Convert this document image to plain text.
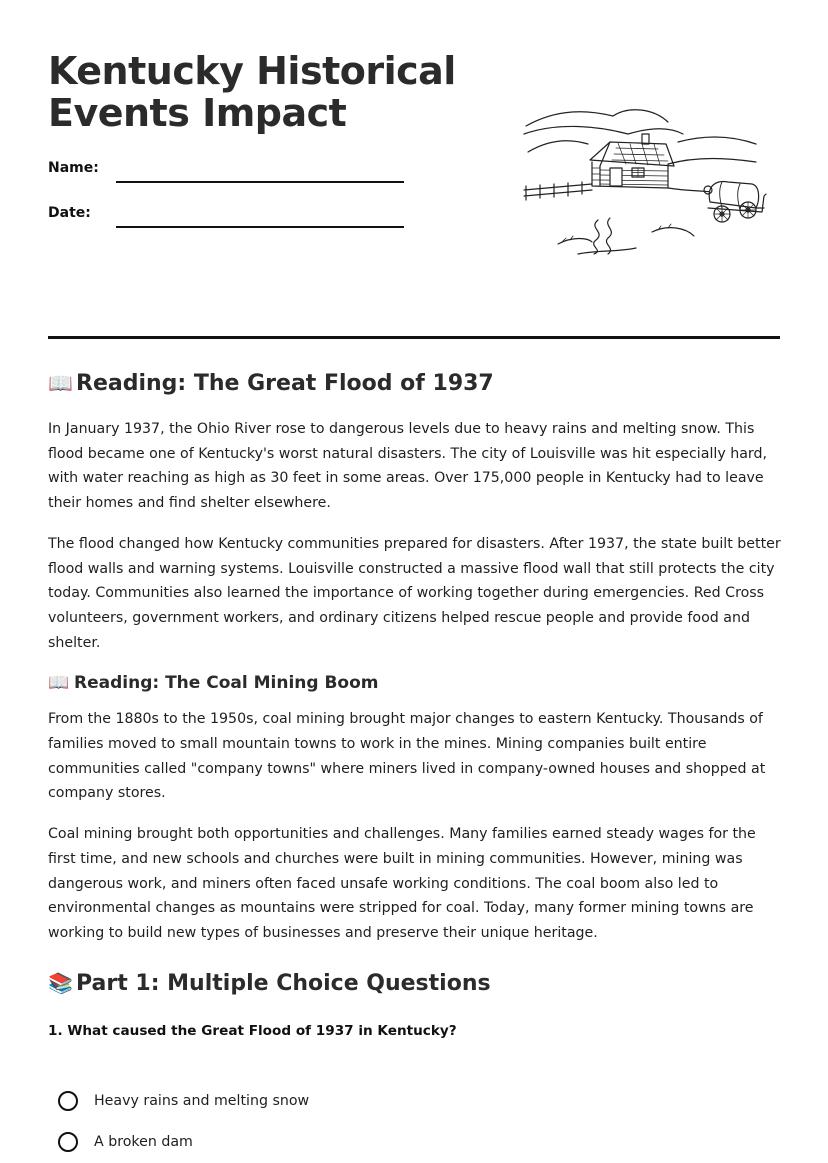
Kentucky Historical
Events Impact
Name:
Date:
📖 Reading: The Great Flood of 1937

In January 1937, the Ohio River rose to dangerous levels due to heavy rains and melting snow. This flood became one of Kentucky's worst natural disasters. The city of Louisville was hit especially hard, with water reaching as high as 30 feet in some areas. Over 175,000 people in Kentucky had to leave their homes and find shelter elsewhere.

The flood changed how Kentucky communities prepared for disasters. After 1937, the state built better flood walls and warning systems. Louisville constructed a massive flood wall that still protects the city today. Communities also learned the importance of working together during emergencies. Red Cross volunteers, government workers, and ordinary citizens helped rescue people and provide food and shelter.

📖 Reading: The Coal Mining Boom

From the 1880s to the 1950s, coal mining brought major changes to eastern Kentucky. Thousands of families moved to small mountain towns to work in the mines. Mining companies built entire communities called "company towns" where miners lived in company-owned houses and shopped at company stores.

Coal mining brought both opportunities and challenges. Many families earned steady wages for the first time, and new schools and churches were built in mining communities. However, mining was dangerous work, and miners often faced unsafe working conditions. The coal boom also led to environmental changes as mountains were stripped for coal. Today, many former mining towns are working to build new types of businesses and preserve their unique heritage.

📚 Part 1: Multiple Choice Questions
1. What caused the Great Flood of 1937 in Kentucky?
Heavy rains and melting snow
A broken dam
